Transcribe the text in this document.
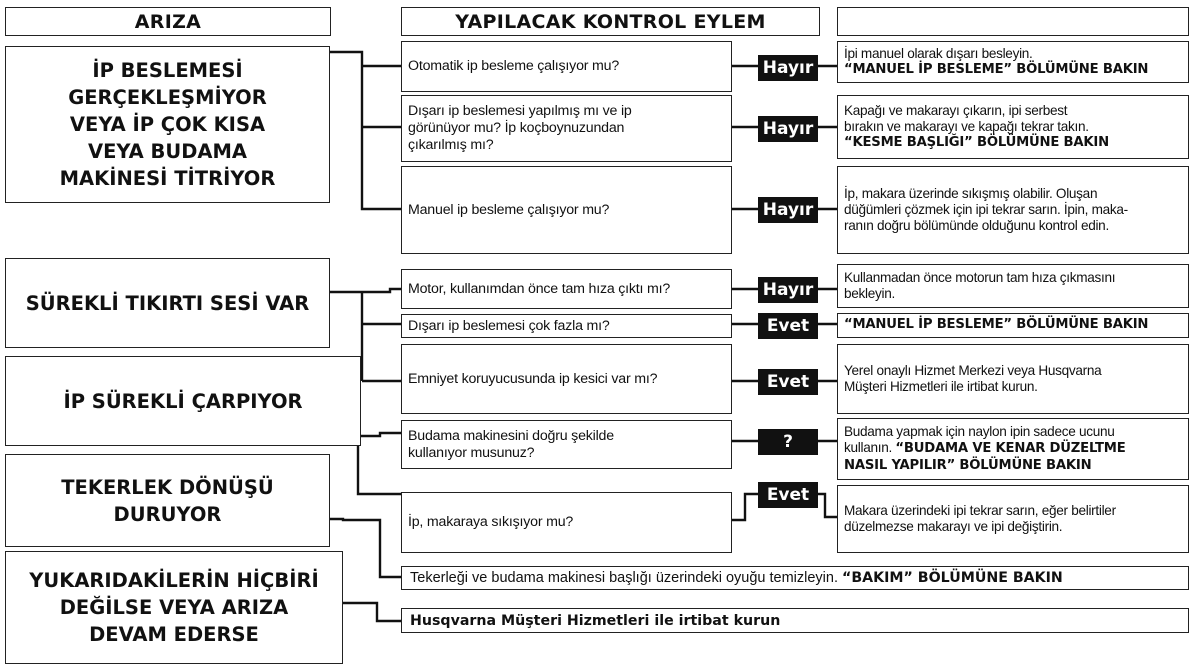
ARIZA	YAPILACAK KONTROL EYLEM
İP BESLEMESİ
GERÇEKLEŞMİYOR
VEYA İP ÇOK KISA
VEYA BUDAMA
MAKİNESİ TİTRİYOR
SÜREKLİ TIKIRTI SESİ VAR
İP SÜREKLİ ÇARPIYOR
TEKERLEK DÖNÜŞÜ
DURUYOR
YUKARIDAKİLERİN HİÇBİRİ
DEĞİLSE VEYA ARIZA
DEVAM EDERSE
Otomatik ip besleme çalışıyor mu?
Dışarı ip beslemesi yapılmış mı ve ip
görünüyor mu? İp koçboynuzundan
çıkarılmış mı?
Manuel ip besleme çalışıyor mu?
Motor, kullanımdan önce tam hıza çıktı mı?
Dışarı ip beslemesi çok fazla mı?
Emniyet koruyucusunda ip kesici var mı?
Budama makinesini doğru şekilde
kullanıyor musunuz?
İp, makaraya sıkışıyor mu?
Hayır
Hayır
Hayır
Hayır
Evet
Evet
?
Evet
İpi manuel olarak dışarı besleyin.
“MANUEL İP BESLEME” BÖLÜMÜNE BAKIN
Kapağı ve makarayı çıkarın, ipi serbest
bırakın ve makarayı ve kapağı tekrar takın.
“KESME BAŞLIĞI” BÖLÜMÜNE BAKIN
İp, makara üzerinde sıkışmış olabilir. Oluşan
düğümleri çözmek için ipi tekrar sarın. İpin, maka-
ranın doğru bölümünde olduğunu kontrol edin.
Kullanmadan önce motorun tam hıza çıkmasını
bekleyin.
“MANUEL İP BESLEME” BÖLÜMÜNE BAKIN
Yerel onaylı Hizmet Merkezi veya Husqvarna
Müşteri Hizmetleri ile irtibat kurun.
Budama yapmak için naylon ipin sadece ucunu
kullanın. “BUDAMA VE KENAR DÜZELTME
NASIL YAPILIR” BÖLÜMÜNE BAKIN
Makara üzerindeki ipi tekrar sarın, eğer belirtiler
düzelmezse makarayı ve ipi değiştirin.
Tekerleği ve budama makinesi başlığı üzerindeki oyuğu temizleyin.
“BAKIM” BÖLÜMÜNE BAKIN
Husqvarna Müşteri Hizmetleri ile irtibat kurun
